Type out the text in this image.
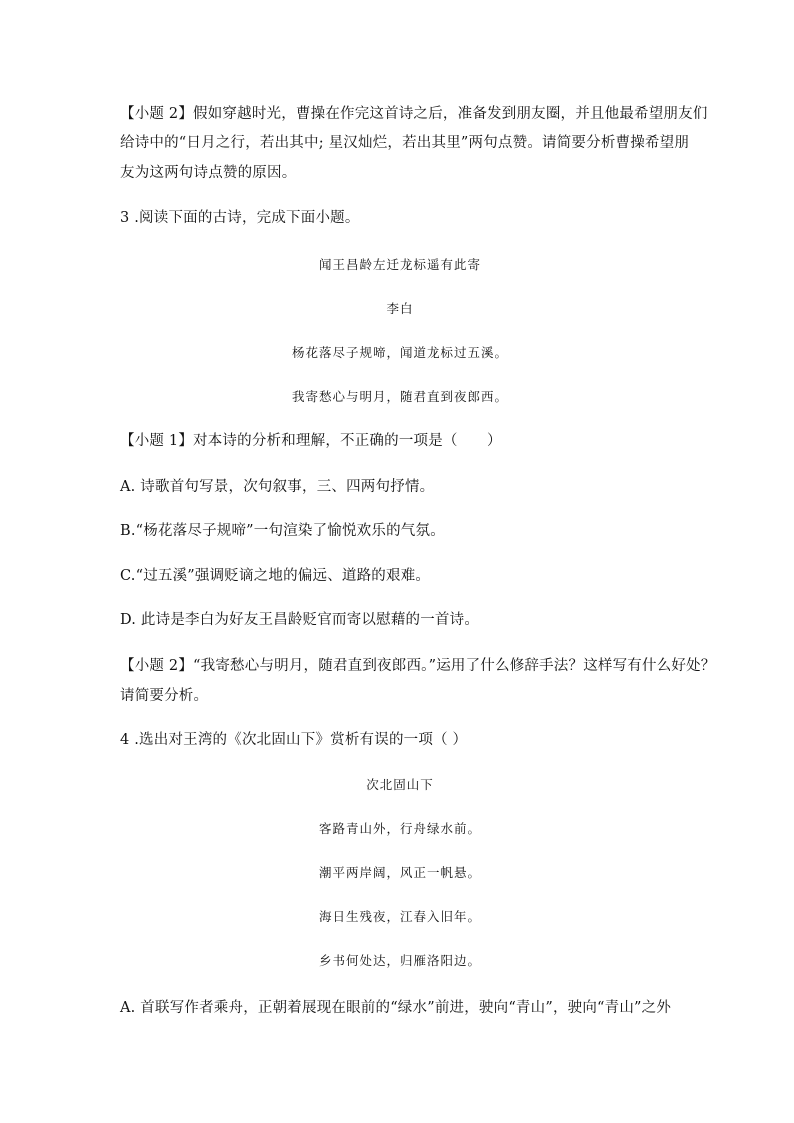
【小题 2】假如穿越时光，曹操在作完这首诗之后，准备发到朋友圈，并且他最希望朋友们
给诗中的“日月之行，若出其中; 星汉灿烂，若出其里”两句点赞。请简要分析曹操希望朋
友为这两句诗点赞的原因。
3 .阅读下面的古诗，完成下面小题。
闻王昌龄左迁龙标遥有此寄
李白
杨花落尽子规啼，闻道龙标过五溪。
我寄愁心与明月，随君直到夜郎西。
【小题 1】对本诗的分析和理解，不正确的一项是（　　）
A. 诗歌首句写景，次句叙事，三、四两句抒情。
B.“杨花落尽子规啼”一句渲染了愉悦欢乐的气氛。
C.“过五溪”强调贬谪之地的偏远、道路的艰难。
D. 此诗是李白为好友王昌龄贬官而寄以慰藉的一首诗。
【小题 2】“我寄愁心与明月，随君直到夜郎西。”运用了什么修辞手法？这样写有什么好处？
请简要分析。
4 .选出对王湾的《次北固山下》赏析有误的一项（ ）
次北固山下
客路青山外，行舟绿水前。
潮平两岸阔，风正一帆悬。
海日生残夜，江春入旧年。
乡书何处达，归雁洛阳边。
A. 首联写作者乘舟，正朝着展现在眼前的“绿水”前进，驶向“青山”，驶向“青山”之外
